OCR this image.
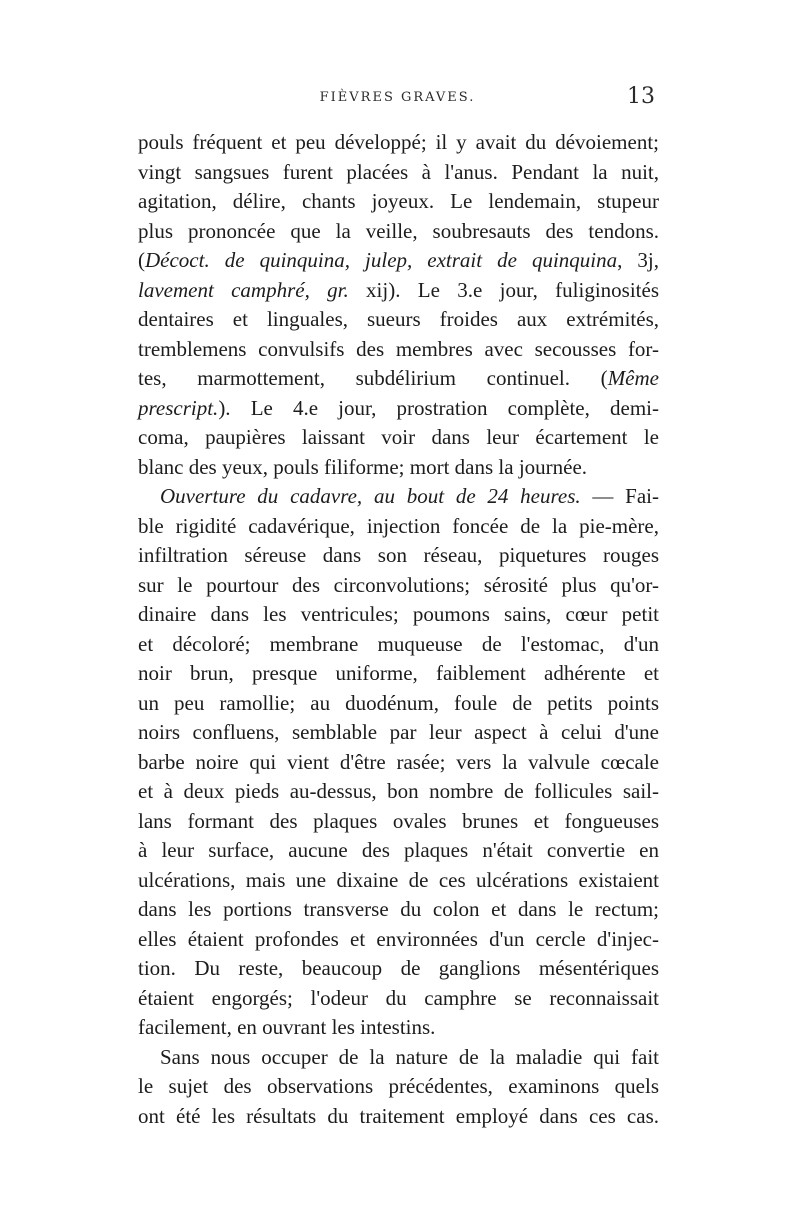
FIÈVRES GRAVES.	13
pouls fréquent et peu développé; il y avait du dévoiement;
vingt sangsues furent placées à l'anus. Pendant la nuit,
agitation, délire, chants joyeux. Le lendemain, stupeur
plus prononcée que la veille, soubresauts des tendons.
(Décoct. de quinquina, julep, extrait de quinquina, 3j,
lavement camphré, gr. xij). Le 3.e jour, fuliginosités
dentaires et linguales, sueurs froides aux extrémités,
tremblemens convulsifs des membres avec secousses for-
tes, marmottement, subdélirium continuel. (Même
prescript.). Le 4.e jour, prostration complète, demi-
coma, paupières laissant voir dans leur écartement le
blanc des yeux, pouls filiforme; mort dans la journée.
Ouverture du cadavre, au bout de 24 heures. — Fai-
ble rigidité cadavérique, injection foncée de la pie-mère,
infiltration séreuse dans son réseau, piquetures rouges
sur le pourtour des circonvolutions; sérosité plus qu'or-
dinaire dans les ventricules; poumons sains, cœur petit
et décoloré; membrane muqueuse de l'estomac, d'un
noir brun, presque uniforme, faiblement adhérente et
un peu ramollie; au duodénum, foule de petits points
noirs confluens, semblable par leur aspect à celui d'une
barbe noire qui vient d'être rasée; vers la valvule cœcale
et à deux pieds au-dessus, bon nombre de follicules sail-
lans formant des plaques ovales brunes et fongueuses
à leur surface, aucune des plaques n'était convertie en
ulcérations, mais une dixaine de ces ulcérations existaient
dans les portions transverse du colon et dans le rectum;
elles étaient profondes et environnées d'un cercle d'injec-
tion. Du reste, beaucoup de ganglions mésentériques
étaient engorgés; l'odeur du camphre se reconnaissait
facilement, en ouvrant les intestins.
Sans nous occuper de la nature de la maladie qui fait
le sujet des observations précédentes, examinons quels
ont été les résultats du traitement employé dans ces cas.
